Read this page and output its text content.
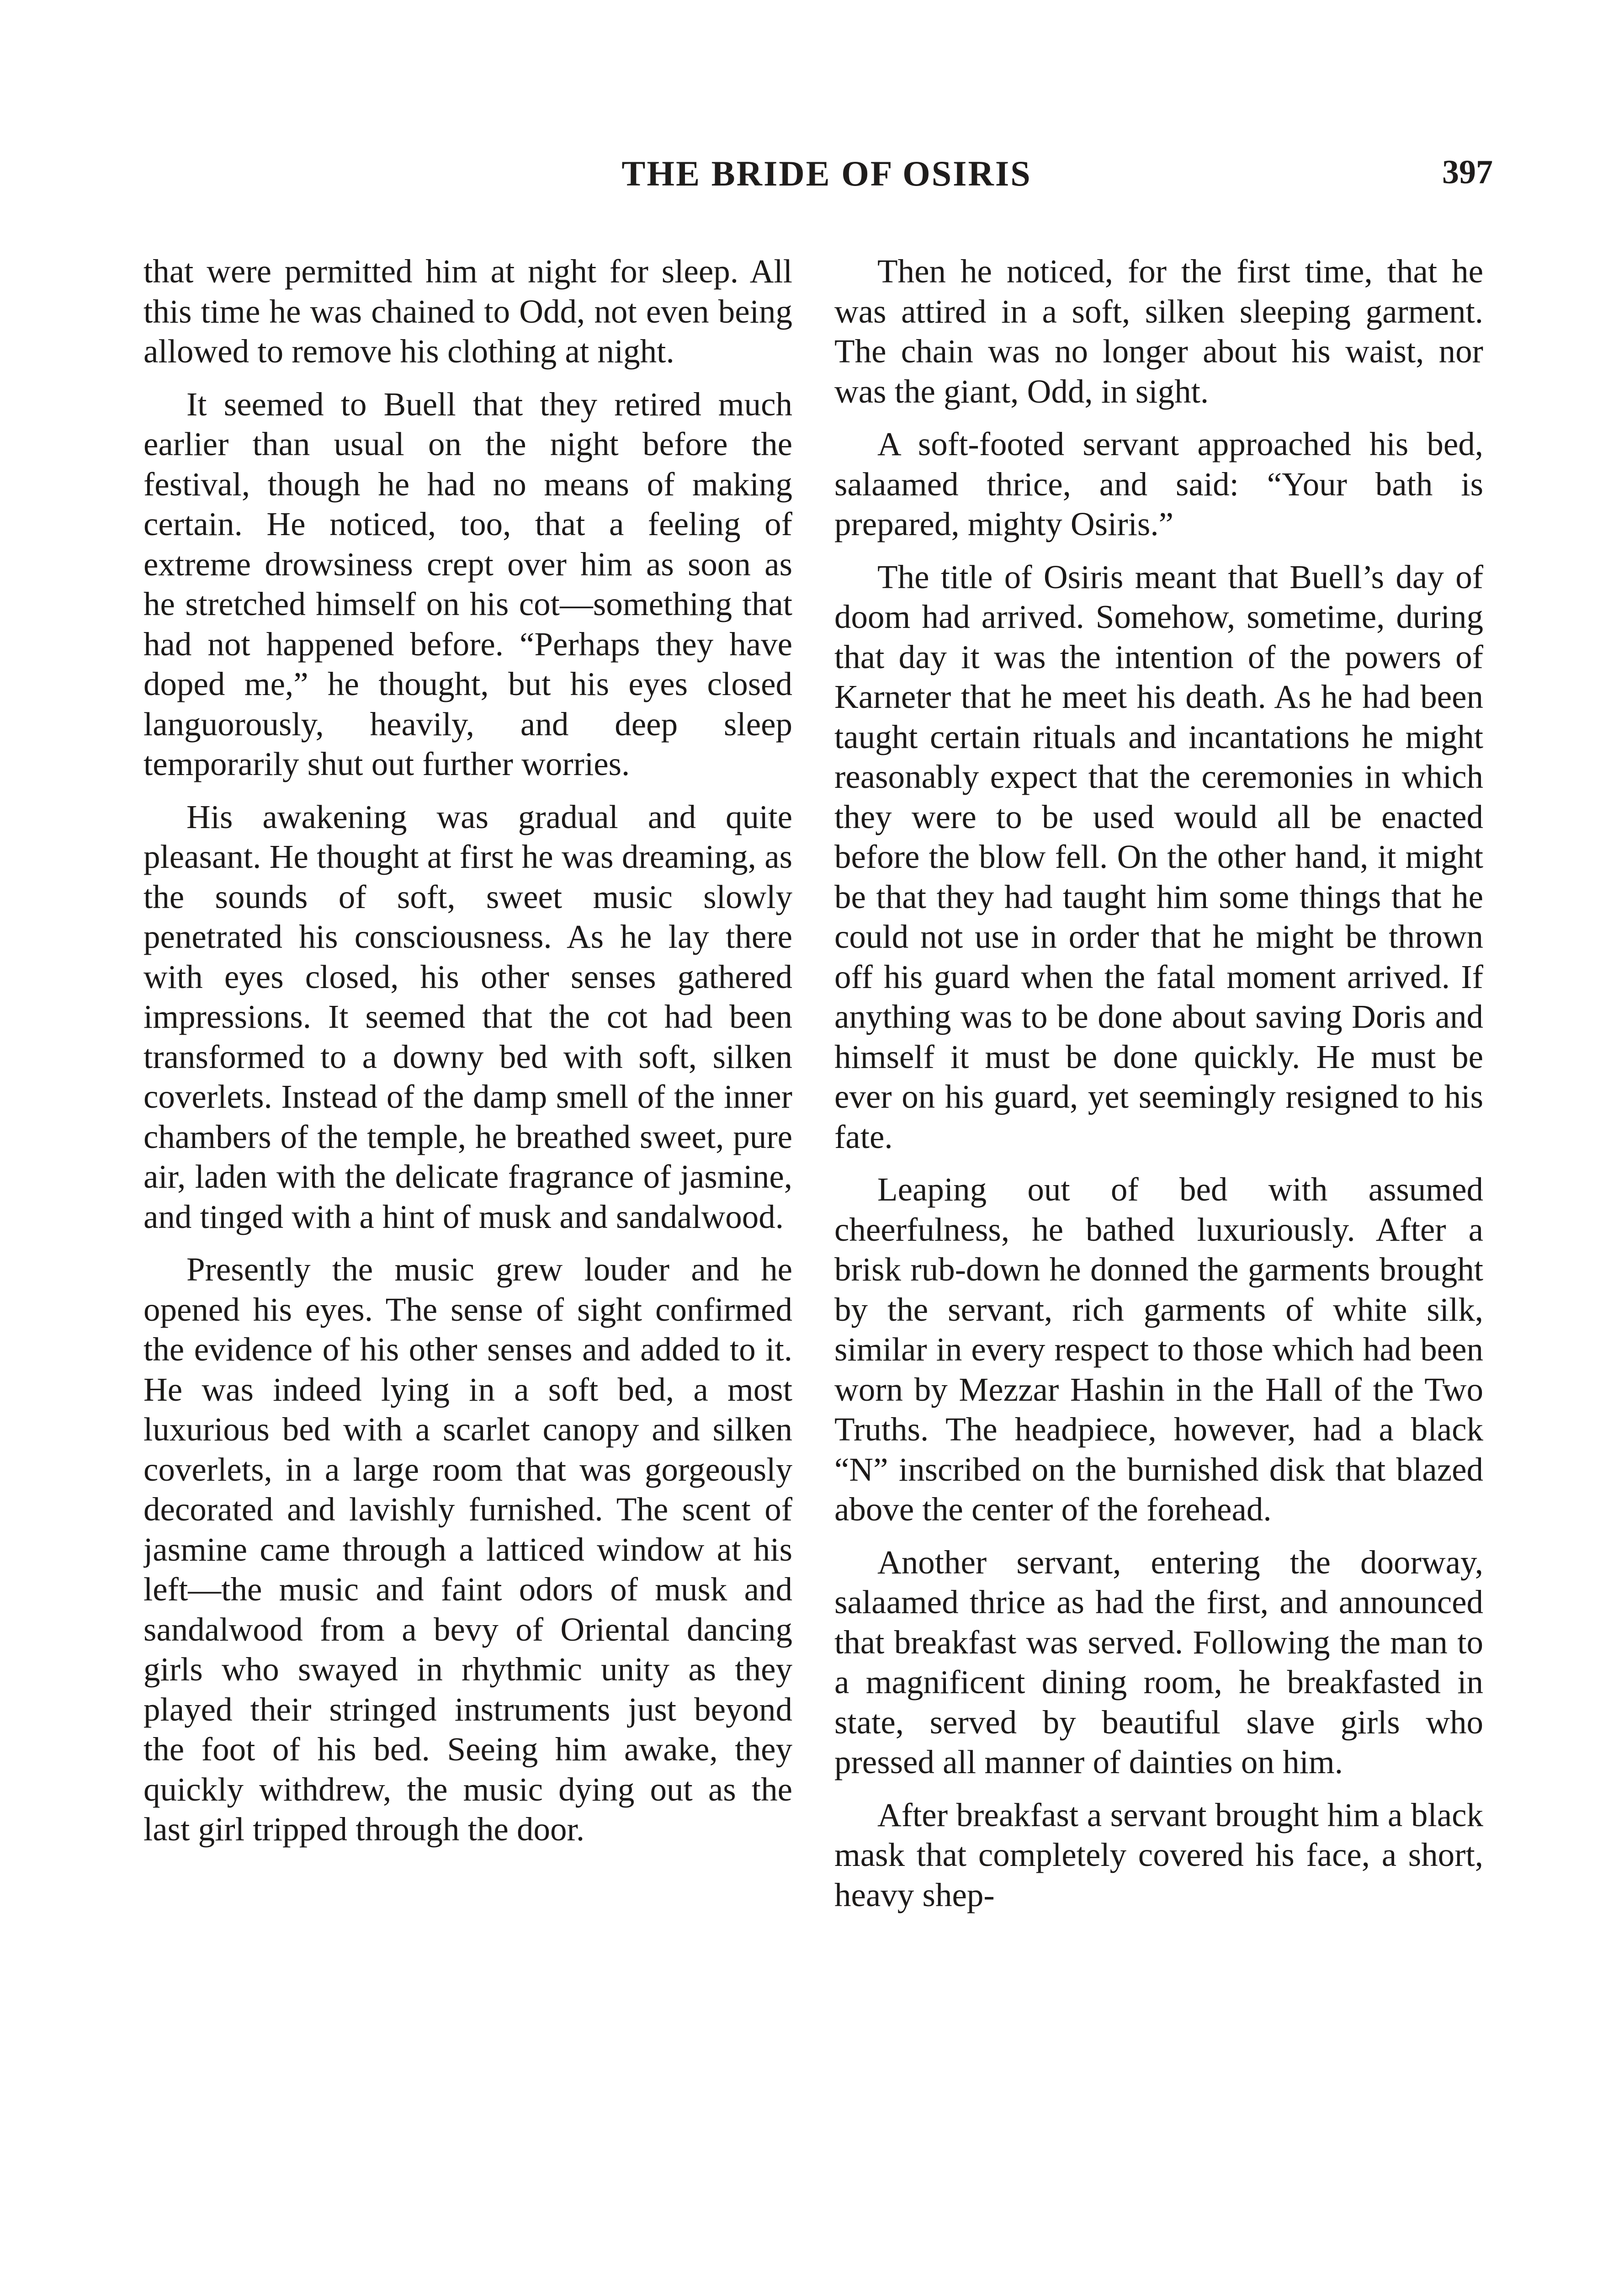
THE BRIDE OF OSIRIS	397

that were permitted him at night for sleep. All this time he was chained to Odd, not even being allowed to remove his clothing at night.

It seemed to Buell that they retired much earlier than usual on the night before the festival, though he had no means of making certain. He noticed, too, that a feeling of extreme drowsiness crept over him as soon as he stretched himself on his cot—something that had not happened before. “Perhaps they have doped me,” he thought, but his eyes closed languorously, heavily, and deep sleep temporarily shut out further worries.

His awakening was gradual and quite pleasant. He thought at first he was dreaming, as the sounds of soft, sweet music slowly penetrated his consciousness. As he lay there with eyes closed, his other senses gathered impressions. It seemed that the cot had been transformed to a downy bed with soft, silken coverlets. Instead of the damp smell of the inner chambers of the temple, he breathed sweet, pure air, laden with the delicate fragrance of jasmine, and tinged with a hint of musk and sandalwood.

Presently the music grew louder and he opened his eyes. The sense of sight confirmed the evidence of his other senses and added to it. He was indeed lying in a soft bed, a most luxurious bed with a scarlet canopy and silken coverlets, in a large room that was gorgeously decorated and lavishly furnished. The scent of jasmine came through a latticed window at his left—the music and faint odors of musk and sandalwood from a bevy of Oriental dancing girls who swayed in rhythmic unity as they played their stringed instruments just beyond the foot of his bed. Seeing him awake, they quickly withdrew, the music dying out as the last girl tripped through the door.

Then he noticed, for the first time, that he was attired in a soft, silken sleeping garment. The chain was no longer about his waist, nor was the giant, Odd, in sight.

A soft-footed servant approached his bed, salaamed thrice, and said: “Your bath is prepared, mighty Osiris.”

The title of Osiris meant that Buell’s day of doom had arrived. Somehow, sometime, during that day it was the intention of the powers of Karneter that he meet his death. As he had been taught certain rituals and incantations he might reasonably expect that the ceremonies in which they were to be used would all be enacted before the blow fell. On the other hand, it might be that they had taught him some things that he could not use in order that he might be thrown off his guard when the fatal moment arrived. If anything was to be done about saving Doris and himself it must be done quickly. He must be ever on his guard, yet seemingly resigned to his fate.

Leaping out of bed with assumed cheerfulness, he bathed luxuriously. After a brisk rub-down he donned the garments brought by the servant, rich garments of white silk, similar in every respect to those which had been worn by Mezzar Hashin in the Hall of the Two Truths. The headpiece, however, had a black “N” inscribed on the burnished disk that blazed above the center of the forehead.

Another servant, entering the doorway, salaamed thrice as had the first, and announced that breakfast was served. Following the man to a magnificent dining room, he breakfasted in state, served by beautiful slave girls who pressed all manner of dainties on him.

After breakfast a servant brought him a black mask that completely covered his face, a short, heavy shep-
